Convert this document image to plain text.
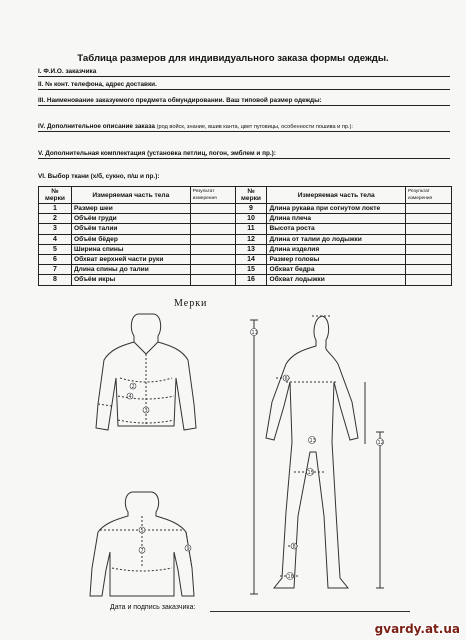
Таблица размеров для индивидуального заказа формы одежды.
I. Ф.И.О. заказчика
II. № конт. телефона, адрес доставки.
III. Наименование заказуемого предмета обмундировании. Ваш типовой размер одежды:
IV. Дополнительное описание заказа (род войск, знание, вшив канта, цвет пуговицы, особенности пошива и пр.):
V. Дополнительная комплектация (установка петлиц, погон, эмблем и пр.):
VI. Выбор ткани (х/б, сукно, п/ш и пр.):
№ мерки	Измеряемая часть тела	Результат измерения	№ мерки	Измеряемая часть тела	Результат измерения
1	Размер шеи		9	Длина рукава при согнутом локте	
2	Объём груди		10	Длина плеча	
3	Объём талии		11	Высота роста	
4	Объём бёдер		12	Длина от талии до лодыжки	
5	Ширина спины		13	Длина изделия	
6	Обхват верхней части руки		14	Размер головы	
7	Длина спины до талии		15	Обхват бедра	
8	Объём икры		16	Обхват лодыжки	
Мерки
2
3
4
5
7	9
11
6
13
15
12
8
16
Дата и подпись заказчика:
gvardy.at.ua
